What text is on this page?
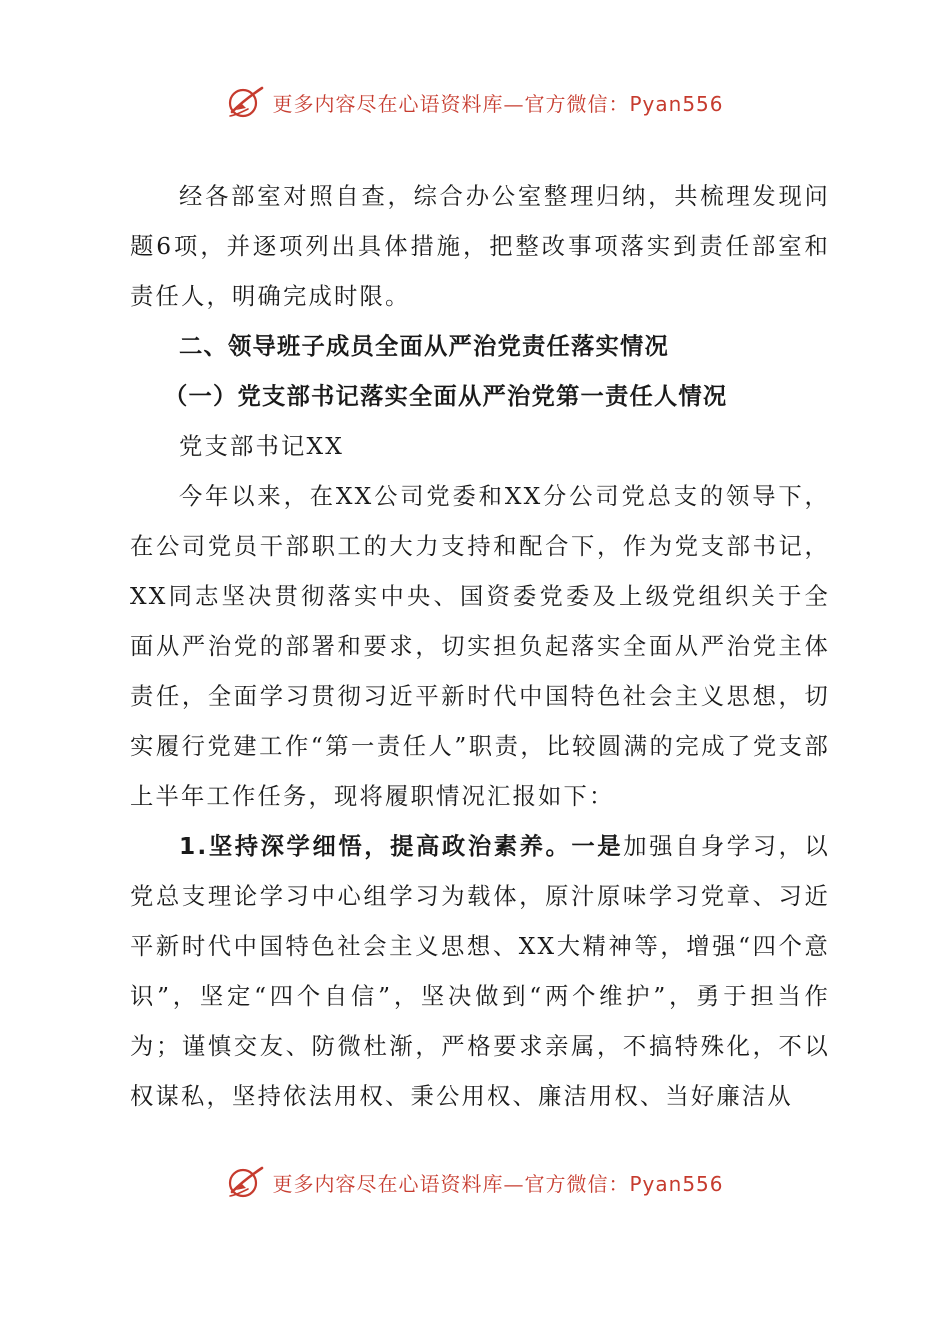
更多内容尽在心语资料库—官方微信：Pyan556

经各部室对照自查，综合办公室整理归纳，共梳理发现问题6项，并逐项列出具体措施，把整改事项落实到责任部室和责任人，明确完成时限。

二、领导班子成员全面从严治党责任落实情况

（一）党支部书记落实全面从严治党第一责任人情况

党支部书记XX

今年以来，在XX公司党委和XX分公司党总支的领导下，在公司党员干部职工的大力支持和配合下，作为党支部书记，XX同志坚决贯彻落实中央、国资委党委及上级党组织关于全面从严治党的部署和要求，切实担负起落实全面从严治党主体责任，全面学习贯彻习近平新时代中国特色社会主义思想，切实履行党建工作“第一责任人”职责，比较圆满的完成了党支部上半年工作任务，现将履职情况汇报如下：

1.坚持深学细悟，提高政治素养。一是加强自身学习，以党总支理论学习中心组学习为载体，原汁原味学习党章、习近平新时代中国特色社会主义思想、XX大精神等，增强“四个意识”，坚定“四个自信”，坚决做到“两个维护”，勇于担当作为；谨慎交友、防微杜渐，严格要求亲属，不搞特殊化，不以权谋私，坚持依法用权、秉公用权、廉洁用权、当好廉洁从

更多内容尽在心语资料库—官方微信：Pyan556
